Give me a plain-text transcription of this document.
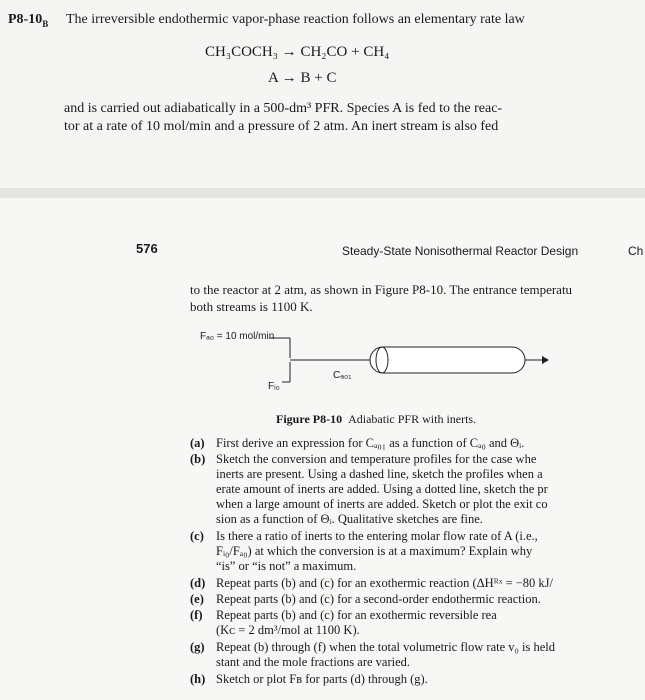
$P8-10_B$ The irreversible endothermic vapor-phase reaction follows an elementary rate law
CH₃COCH₃ → CH₂CO + CH₄
A → B + C
and is carried out adiabatically in a 500-dm³ PFR. Species A is fed to the reac-
tor at a rate of 10 mol/min and a pressure of 2 atm. An inert stream is also fed
576	Steady-State Nonisothermal Reactor Design	Ch
to the reactor at 2 atm, as shown in Figure P8-10. The entrance temperatu
both streams is 1100 K.
Fₐ₀ = 10 mol/min
Cₐ₀₁
Fᵢ₀
Figure P8-10 Adiabatic PFR with inerts.
(a) First derive an expression for Cₐ₀₁ as a function of Cₐ₀ and Θᵢ.
(b) Sketch the conversion and temperature profiles for the case whe
inerts are present. Using a dashed line, sketch the profiles when a
erate amount of inerts are added. Using a dotted line, sketch the pr
when a large amount of inerts are added. Sketch or plot the exit co
sion as a function of Θᵢ. Qualitative sketches are fine.
(c) Is there a ratio of inerts to the entering molar flow rate of A (i.e.,
Fᵢ₀/Fₐ₀) at which the conversion is at a maximum? Explain why
“is” or “is not” a maximum.
(d) Repeat parts (b) and (c) for an exothermic reaction (ΔHᴿˣ = −80 kJ/
(e) Repeat parts (b) and (c) for a second-order endothermic reaction.
(f) Repeat parts (b) and (c) for an exothermic reversible rea
(Kᴄ = 2 dm³/mol at 1100 K).
(g) Repeat (b) through (f) when the total volumetric flow rate v₀ is held
stant and the mole fractions are varied.
(h) Sketch or plot Fʙ for parts (d) through (g).
